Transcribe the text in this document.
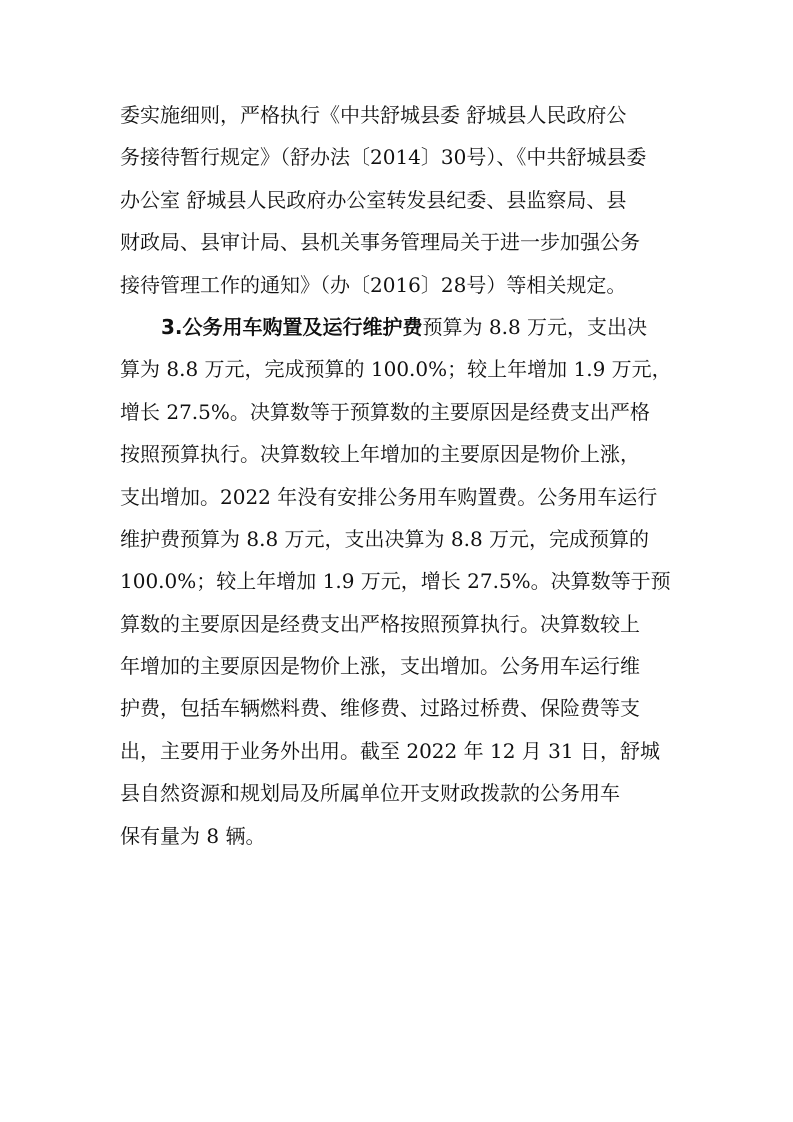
委实施细则，严格执行《中共舒城县委 舒城县人民政府公
务接待暂行规定》（舒办法〔2014〕30号）、《中共舒城县委
办公室 舒城县人民政府办公室转发县纪委、县监察局、县
财政局、县审计局、县机关事务管理局关于进一步加强公务
接待管理工作的通知》（办〔2016〕28号）等相关规定。
3.公务用车购置及运行维护费预算为 8.8 万元，支出决
算为 8.8 万元，完成预算的 100.0%；较上年增加 1.9 万元，
增长 27.5%。决算数等于预算数的主要原因是经费支出严格
按照预算执行。决算数较上年增加的主要原因是物价上涨，
支出增加。2022 年没有安排公务用车购置费。公务用车运行
维护费预算为 8.8 万元，支出决算为 8.8 万元，完成预算的
100.0%；较上年增加 1.9 万元，增长 27.5%。决算数等于预
算数的主要原因是经费支出严格按照预算执行。决算数较上
年增加的主要原因是物价上涨，支出增加。公务用车运行维
护费，包括车辆燃料费、维修费、过路过桥费、保险费等支
出，主要用于业务外出用。截至 2022 年 12 月 31 日，舒城
县自然资源和规划局及所属单位开支财政拨款的公务用车
保有量为 8 辆。
